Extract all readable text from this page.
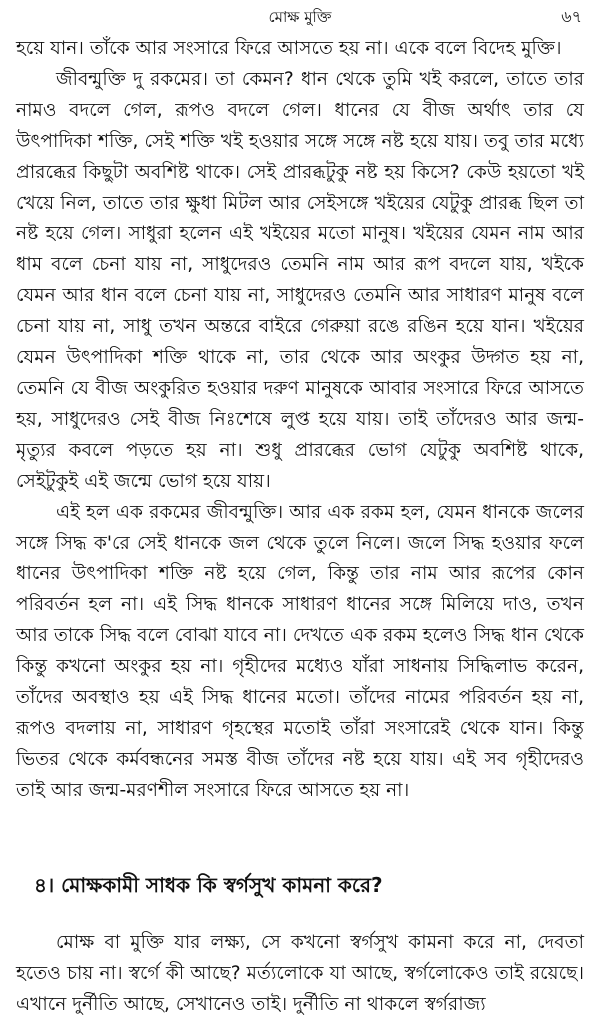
মোক্ষ মুক্তি	৬৭

হয়ে যান। তাঁকে আর সংসারে ফিরে আসতে হয় না। একে বলে বিদেহ মুক্তি।

জীবন্মুক্তি দু রকমের। তা কেমন? ধান থেকে তুমি খই করলে, তাতে তার নামও বদলে গেল, রূপও বদলে গেল। ধানের যে বীজ অর্থাৎ তার যে উৎপাদিকা শক্তি, সেই শক্তি খই হওয়ার সঙ্গে সঙ্গে নষ্ট হয়ে যায়। তবু তার মধ্যে প্রারব্ধের কিছুটা অবশিষ্ট থাকে। সেই প্রারব্ধটুকু নষ্ট হয় কিসে? কেউ হয়তো খই খেয়ে নিল, তাতে তার ক্ষুধা মিটল আর সেইসঙ্গে খইয়ের যেটুকু প্রারব্ধ ছিল তা নষ্ট হয়ে গেল। সাধুরা হলেন এই খইয়ের মতো মানুষ। খইয়ের যেমন নাম আর ধাম বলে চেনা যায় না, সাধুদেরও তেমনি নাম আর রূপ বদলে যায়, খইকে যেমন আর ধান বলে চেনা যায় না, সাধুদেরও তেমনি আর সাধারণ মানুষ বলে চেনা যায় না, সাধু তখন অন্তরে বাইরে গেরুয়া রঙে রঙিন হয়ে যান। খইয়ের যেমন উৎপাদিকা শক্তি থাকে না, তার থেকে আর অংকুর উদ্গত হয় না, তেমনি যে বীজ অংকুরিত হওয়ার দরুণ মানুষকে আবার সংসারে ফিরে আসতে হয়, সাধুদেরও সেই বীজ নিঃশেষে লুপ্ত হয়ে যায়। তাই তাঁদেরও আর জন্ম-মৃত্যুর কবলে পড়তে হয় না। শুধু প্রারব্ধের ভোগ যেটুকু অবশিষ্ট থাকে, সেইটুকুই এই জন্মে ভোগ হয়ে যায়।

এই হল এক রকমের জীবন্মুক্তি। আর এক রকম হল, যেমন ধানকে জলের সঙ্গে সিদ্ধ ক'রে সেই ধানকে জল থেকে তুলে নিলে। জলে সিদ্ধ হওয়ার ফলে ধানের উৎপাদিকা শক্তি নষ্ট হয়ে গেল, কিন্তু তার নাম আর রূপের কোন পরিবর্তন হল না। এই সিদ্ধ ধানকে সাধারণ ধানের সঙ্গে মিলিয়ে দাও, তখন আর তাকে সিদ্ধ বলে বোঝা যাবে না। দেখতে এক রকম হলেও সিদ্ধ ধান থেকে কিন্তু কখনো অংকুর হয় না। গৃহীদের মধ্যেও যাঁরা সাধনায় সিদ্ধিলাভ করেন, তাঁদের অবস্থাও হয় এই সিদ্ধ ধানের মতো। তাঁদের নামের পরিবর্তন হয় না, রূপও বদলায় না, সাধারণ গৃহস্থের মতোই তাঁরা সংসারেই থেকে যান। কিন্তু ভিতর থেকে কর্মবন্ধনের সমস্ত বীজ তাঁদের নষ্ট হয়ে যায়। এই সব গৃহীদেরও তাই আর জন্ম-মরণশীল সংসারে ফিরে আসতে হয় না।

৪। মোক্ষকামী সাধক কি স্বর্গসুখ কামনা করে?

মোক্ষ বা মুক্তি যার লক্ষ্য, সে কখনো স্বর্গসুখ কামনা করে না, দেবতা হতেও চায় না। স্বর্গে কী আছে? মর্ত্যলোকে যা আছে, স্বর্গলোকেও তাই রয়েছে। এখানে দুর্নীতি আছে, সেখানেও তাই। দুর্নীতি না থাকলে স্বর্গরাজ্য
